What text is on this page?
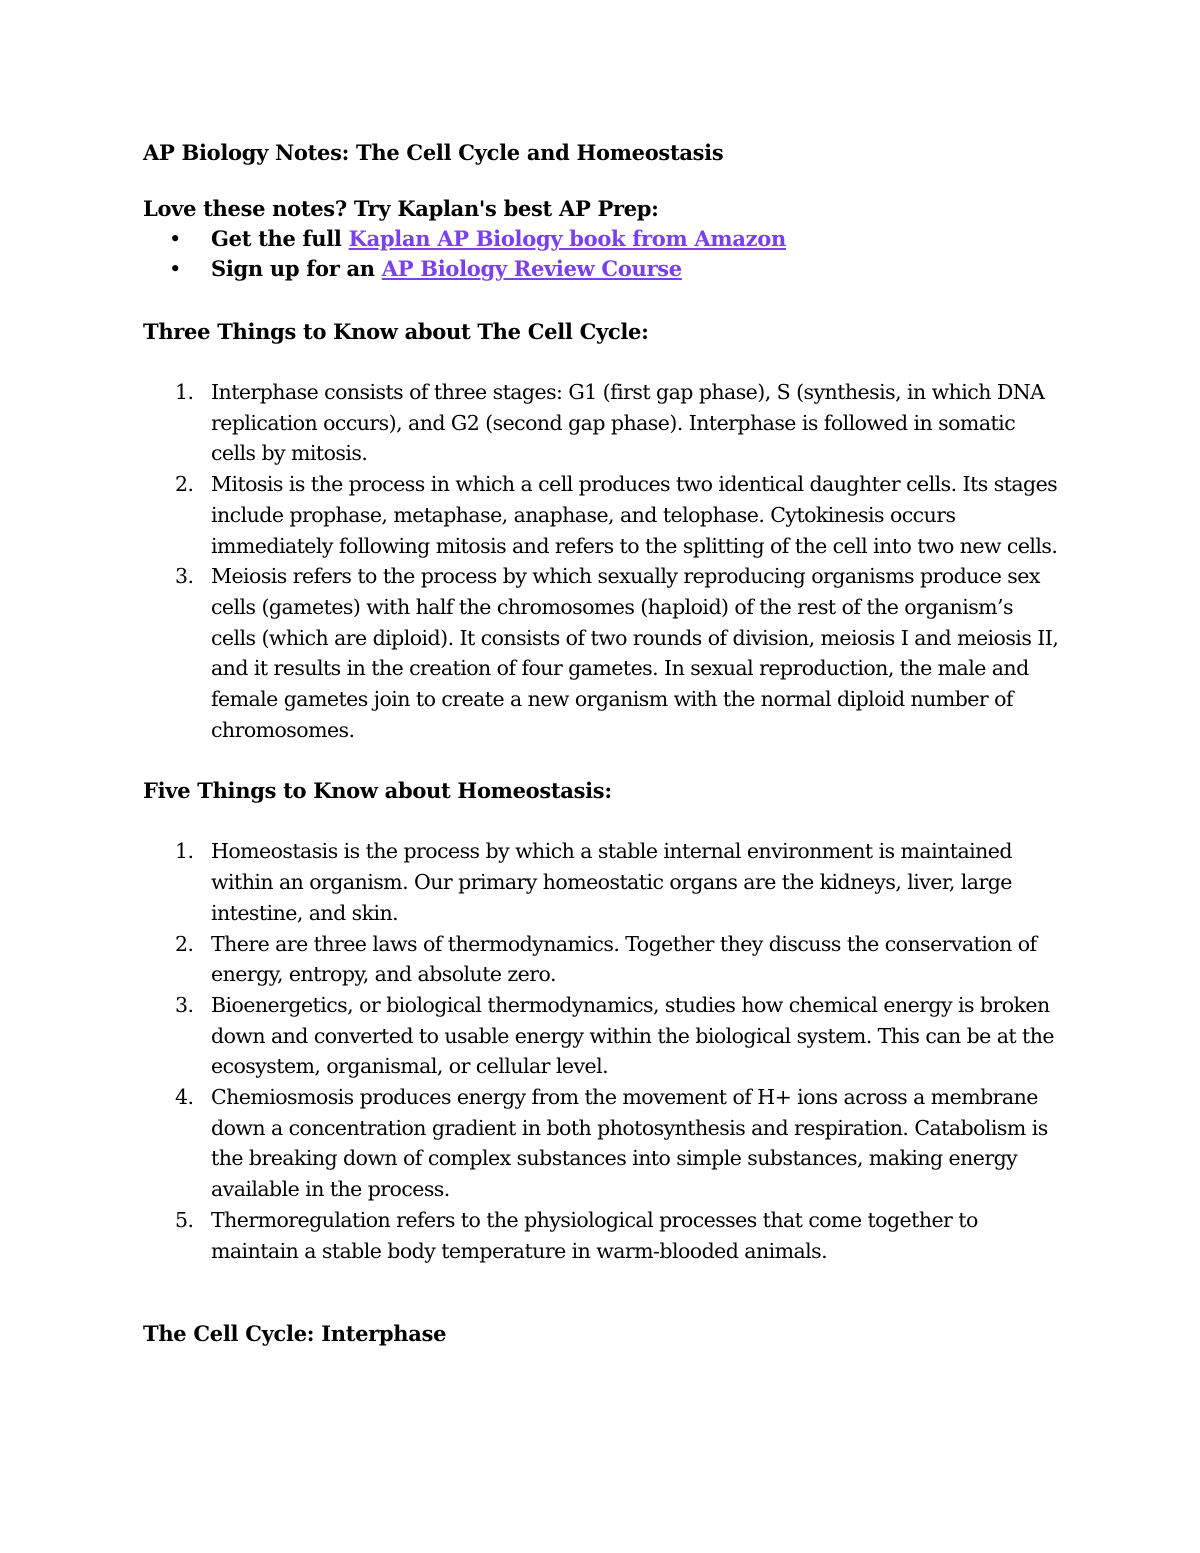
AP Biology Notes: The Cell Cycle and Homeostasis

Love these notes? Try Kaplan's best AP Prep:

• Get the full Kaplan AP Biology book from Amazon
• Sign up for an AP Biology Review Course
Three Things to Know about The Cell Cycle:
1. Interphase consists of three stages: G1 (first gap phase), S (synthesis, in which DNA replication occurs), and G2 (second gap phase). Interphase is followed in somatic cells by mitosis.
2. Mitosis is the process in which a cell produces two identical daughter cells. Its stages include prophase, metaphase, anaphase, and telophase. Cytokinesis occurs immediately following mitosis and refers to the splitting of the cell into two new cells.
3. Meiosis refers to the process by which sexually reproducing organisms produce sex cells (gametes) with half the chromosomes (haploid) of the rest of the organism’s cells (which are diploid). It consists of two rounds of division, meiosis I and meiosis II, and it results in the creation of four gametes. In sexual reproduction, the male and female gametes join to create a new organism with the normal diploid number of chromosomes.
Five Things to Know about Homeostasis:
1. Homeostasis is the process by which a stable internal environment is maintained within an organism. Our primary homeostatic organs are the kidneys, liver, large intestine, and skin.
2. There are three laws of thermodynamics. Together they discuss the conservation of energy, entropy, and absolute zero.
3. Bioenergetics, or biological thermodynamics, studies how chemical energy is broken down and converted to usable energy within the biological system. This can be at the ecosystem, organismal, or cellular level.
4. Chemiosmosis produces energy from the movement of H+ ions across a membrane down a concentration gradient in both photosynthesis and respiration. Catabolism is the breaking down of complex substances into simple substances, making energy available in the process.
5. Thermoregulation refers to the physiological processes that come together to maintain a stable body temperature in warm-blooded animals.
The Cell Cycle: Interphase
